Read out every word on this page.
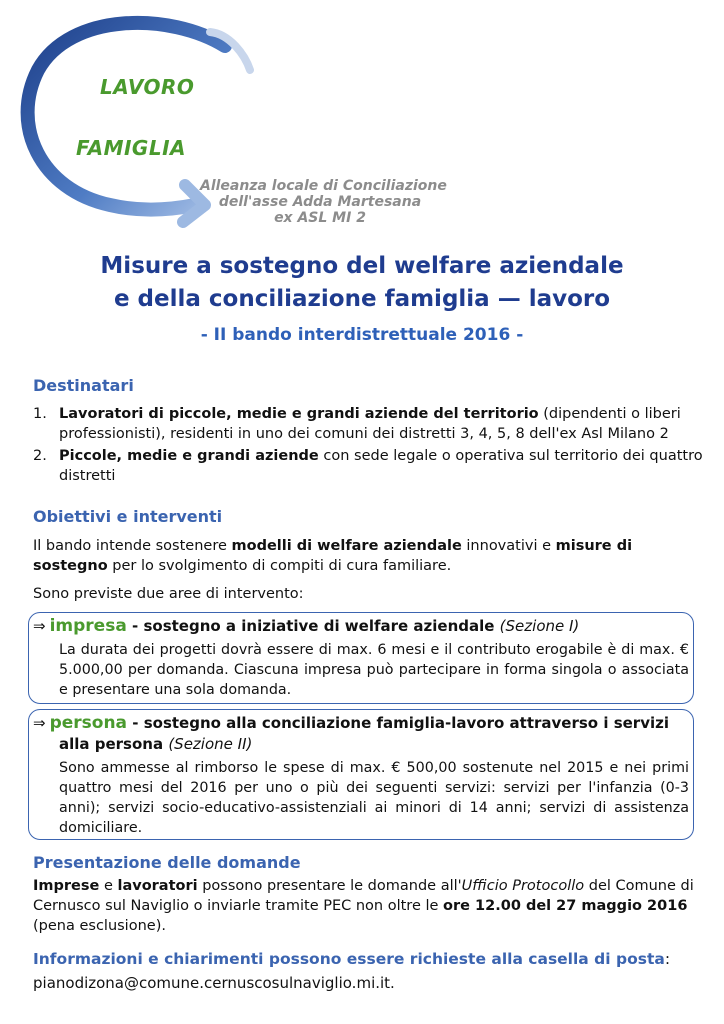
LAVORO
FAMIGLIA
Alleanza locale di Conciliazione
dell'asse Adda Martesana
ex ASL MI 2
Misure a sostegno del welfare aziendale
e della conciliazione famiglia — lavoro
- II bando interdistrettuale 2016 -
Destinatari
1. Lavoratori di piccole, medie e grandi aziende del territorio (dipendenti o liberi professionisti), residenti in uno dei comuni dei distretti 3, 4, 5, 8 dell'ex Asl Milano 2
2. Piccole, medie e grandi aziende con sede legale o operativa sul territorio dei quattro distretti
Obiettivi e interventi
Il bando intende sostenere modelli di welfare aziendale innovativi e misure di sostegno per lo svolgimento di compiti di cura familiare.
Sono previste due aree di intervento:
⇒ impresa - sostegno a iniziative di welfare aziendale (Sezione I)
La durata dei progetti dovrà essere di max. 6 mesi e il contributo erogabile è di max. € 5.000,00 per domanda. Ciascuna impresa può partecipare in forma singola o associata e presentare una sola domanda.
⇒ persona - sostegno alla conciliazione famiglia-lavoro attraverso i servizi
alla persona (Sezione II)
Sono ammesse al rimborso le spese di max. € 500,00 sostenute nel 2015 e nei primi quattro mesi del 2016 per uno o più dei seguenti servizi: servizi per l'infanzia (0-3 anni); servizi socio-educativo-assistenziali ai minori di 14 anni; servizi di assistenza domiciliare.
Presentazione delle domande
Imprese e lavoratori possono presentare le domande all'Ufficio Protocollo del Comune di Cernusco sul Naviglio o inviarle tramite PEC non oltre le ore 12.00 del 27 maggio 2016 (pena esclusione).
Informazioni e chiarimenti possono essere richieste alla casella di posta:
pianodizona@comune.cernuscosulnaviglio.mi.it.
